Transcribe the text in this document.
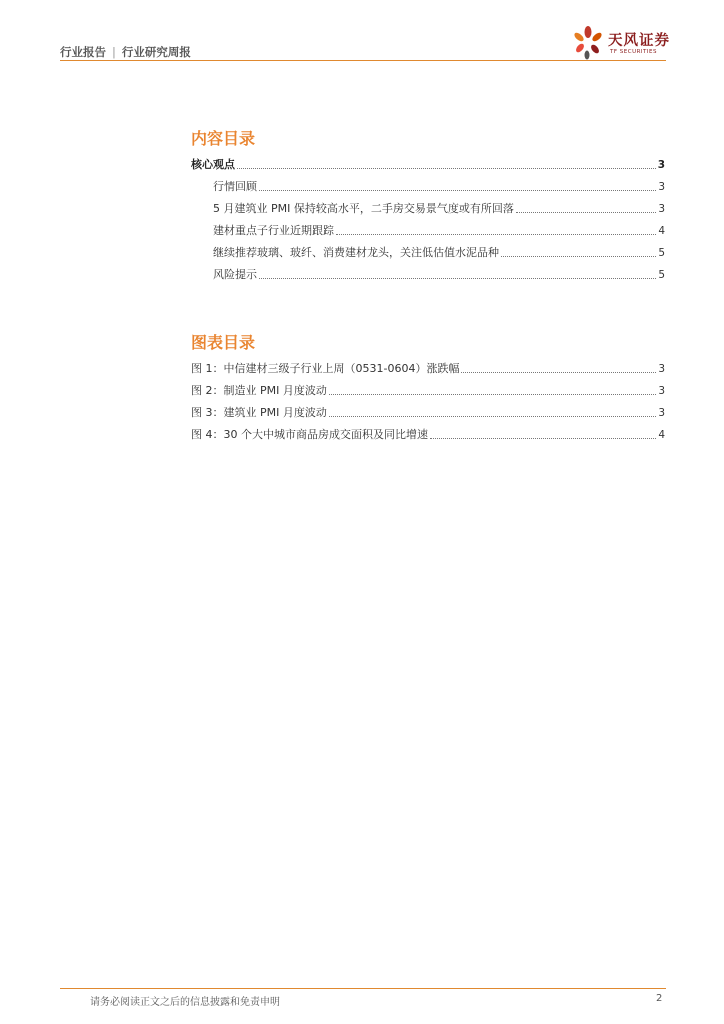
行业报告 | 行业研究周报
天风证券
TF SECURITIES
内容目录
核心观点	3
行情回顾	3
5 月建筑业 PMI 保持较高水平，二手房交易景气度或有所回落	3
建材重点子行业近期跟踪	4
继续推荐玻璃、玻纤、消费建材龙头，关注低估值水泥品种	5
风险提示	5
图表目录
图 1：中信建材三级子行业上周（0531-0604）涨跌幅	3
图 2：制造业 PMI 月度波动	3
图 3：建筑业 PMI 月度波动	3
图 4：30 个大中城市商品房成交面积及同比增速	4
请务必阅读正文之后的信息披露和免责申明	2
